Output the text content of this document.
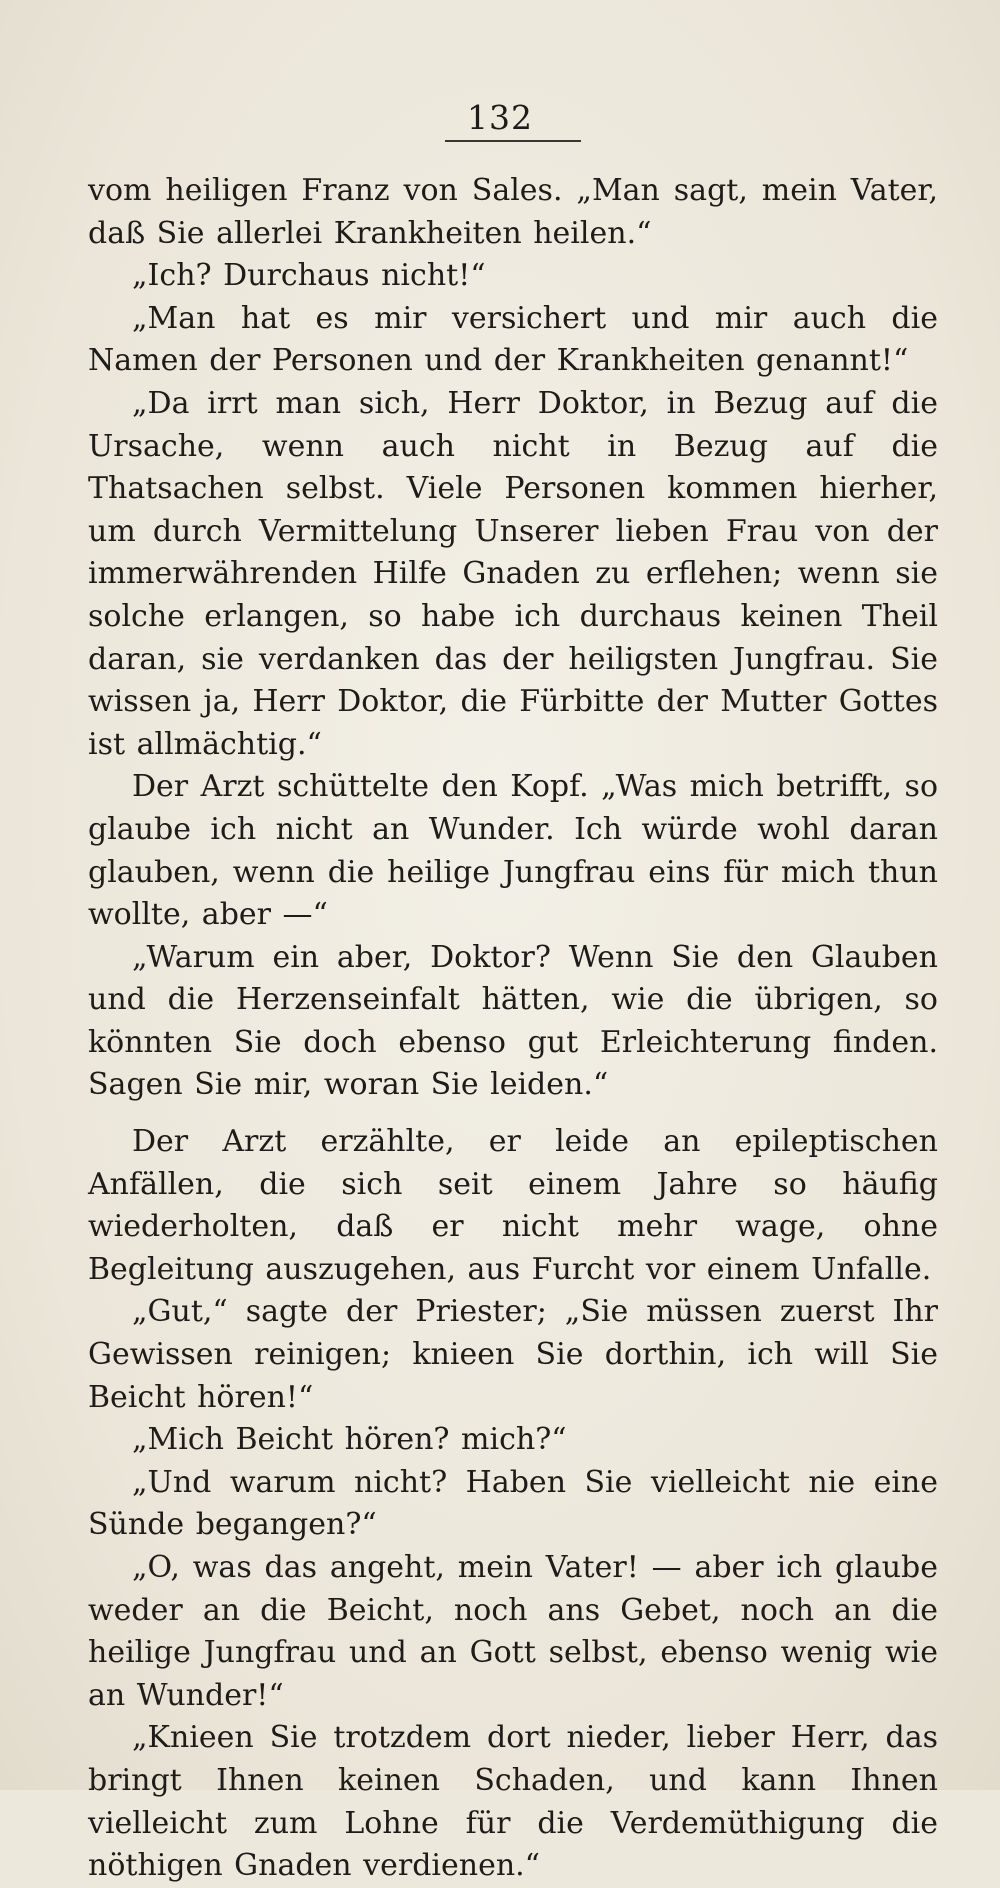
132

vom heiligen Franz von Sales. „Man sagt, mein Vater, daß Sie allerlei Krankheiten heilen.“

„Ich? Durchaus nicht!“

„Man hat es mir versichert und mir auch die Namen der Personen und der Krankheiten genannt!“

„Da irrt man sich, Herr Doktor, in Bezug auf die Ursache, wenn auch nicht in Bezug auf die Thatsachen selbst. Viele Personen kommen hierher, um durch Vermittelung Unserer lieben Frau von der immerwährenden Hilfe Gnaden zu erflehen; wenn sie solche erlangen, so habe ich durchaus keinen Theil daran, sie verdanken das der heiligsten Jungfrau. Sie wissen ja, Herr Doktor, die Fürbitte der Mutter Gottes ist allmächtig.“

Der Arzt schüttelte den Kopf. „Was mich betrifft, so glaube ich nicht an Wunder. Ich würde wohl daran glauben, wenn die heilige Jungfrau eins für mich thun wollte, aber —“

„Warum ein aber, Doktor? Wenn Sie den Glauben und die Herzenseinfalt hätten, wie die übrigen, so könnten Sie doch ebenso gut Erleichterung finden. Sagen Sie mir, woran Sie leiden.“

Der Arzt erzählte, er leide an epileptischen Anfällen, die sich seit einem Jahre so häufig wiederholten, daß er nicht mehr wage, ohne Begleitung auszugehen, aus Furcht vor einem Unfalle.

„Gut,“ sagte der Priester; „Sie müssen zuerst Ihr Gewissen reinigen; knieen Sie dorthin, ich will Sie Beicht hören!“

„Mich Beicht hören? mich?“

„Und warum nicht? Haben Sie vielleicht nie eine Sünde begangen?“

„O, was das angeht, mein Vater! — aber ich glaube weder an die Beicht, noch ans Gebet, noch an die heilige Jungfrau und an Gott selbst, ebenso wenig wie an Wunder!“

„Knieen Sie trotzdem dort nieder, lieber Herr, das bringt Ihnen keinen Schaden, und kann Ihnen vielleicht zum Lohne für die Verdemüthigung die nöthigen Gnaden verdienen.“
